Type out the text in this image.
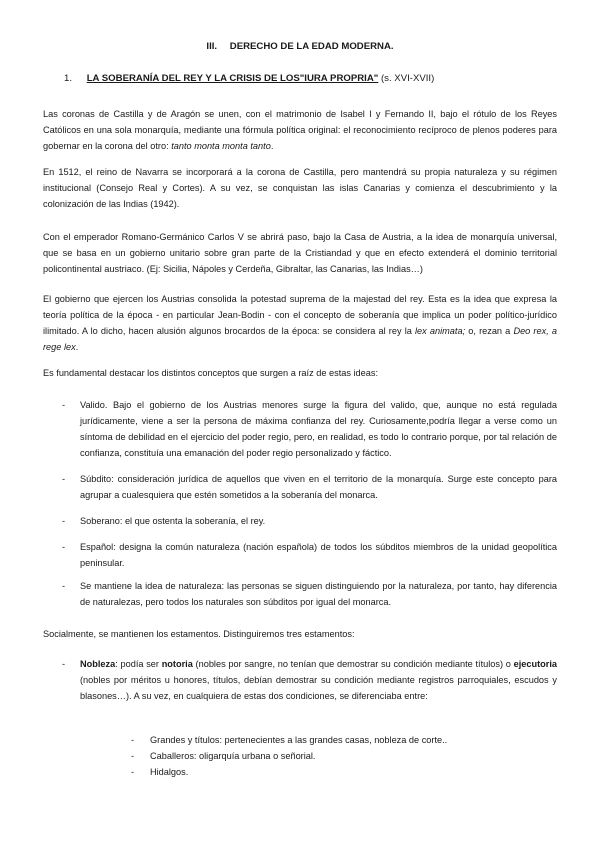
III. DERECHO DE LA EDAD MODERNA.
1. LA SOBERANÍA DEL REY Y LA CRISIS DE LOS"IURA PROPRIA" (s. XVI-XVII)

Las coronas de Castilla y de Aragón se unen, con el matrimonio de Isabel I y Fernando II, bajo el rótulo de los Reyes Católicos en una sola monarquía, mediante una fórmula política original: el reconocimiento recíproco de plenos poderes para gobernar en la corona del otro: tanto monta monta tanto.

En 1512, el reino de Navarra se incorporará a la corona de Castilla, pero mantendrá su propia naturaleza y su régimen institucional (Consejo Real y Cortes). A su vez, se conquistan las islas Canarias y comienza el descubrimiento y la colonización de las Indias (1942).

Con el emperador Romano-Germánico Carlos V se abrirá paso, bajo la Casa de Austria, a la idea de monarquía universal, que se basa en un gobierno unitario sobre gran parte de la Cristiandad y que en efecto extenderá el dominio territorial policontinental austriaco. (Ej: Sicilia, Nápoles y Cerdeña, Gibraltar, las Canarias, las Indias…)

El gobierno que ejercen los Austrias consolida la potestad suprema de la majestad del rey. Esta es la idea que expresa la teoría política de la época - en particular Jean-Bodin - con el concepto de soberanía que implica un poder político-jurídico ilimitado. A lo dicho, hacen alusión algunos brocardos de la época: se considera al rey la lex animata; o, rezan a Deo rex, a rege lex.

Es fundamental destacar los distintos conceptos que surgen a raíz de estas ideas:

- Valido. Bajo el gobierno de los Austrias menores surge la figura del valido, que, aunque no está regulada jurídicamente, viene a ser la persona de máxima confianza del rey. Curiosamente,podría llegar a verse como un síntoma de debilidad en el ejercicio del poder regio, pero, en realidad, es todo lo contrario porque, por tal relación de confianza, constituía una emanación del poder regio personalizado y fáctico.
- Súbdito: consideración jurídica de aquellos que viven en el territorio de la monarquía. Surge este concepto para agrupar a cualesquiera que estén sometidos a la soberanía del monarca.
- Soberano: el que ostenta la soberanía, el rey.
- Español: designa la común naturaleza (nación española) de todos los súbditos miembros de la unidad geopolítica peninsular.
- Se mantiene la idea de naturaleza: las personas se siguen distinguiendo por la naturaleza, por tanto, hay diferencia de naturalezas, pero todos los naturales son súbditos por igual del monarca.

Socialmente, se mantienen los estamentos. Distinguiremos tres estamentos:

- Nobleza: podía ser notoria (nobles por sangre, no tenían que demostrar su condición mediante títulos) o ejecutoria (nobles por méritos u honores, títulos, debían demostrar su condición mediante registros parroquiales, escudos y blasones…). A su vez, en cualquiera de estas dos condiciones, se diferenciaba entre:
- Grandes y títulos: pertenecientes a las grandes casas, nobleza de corte..
- Caballeros: oligarquía urbana o señorial.
- Hidalgos.
